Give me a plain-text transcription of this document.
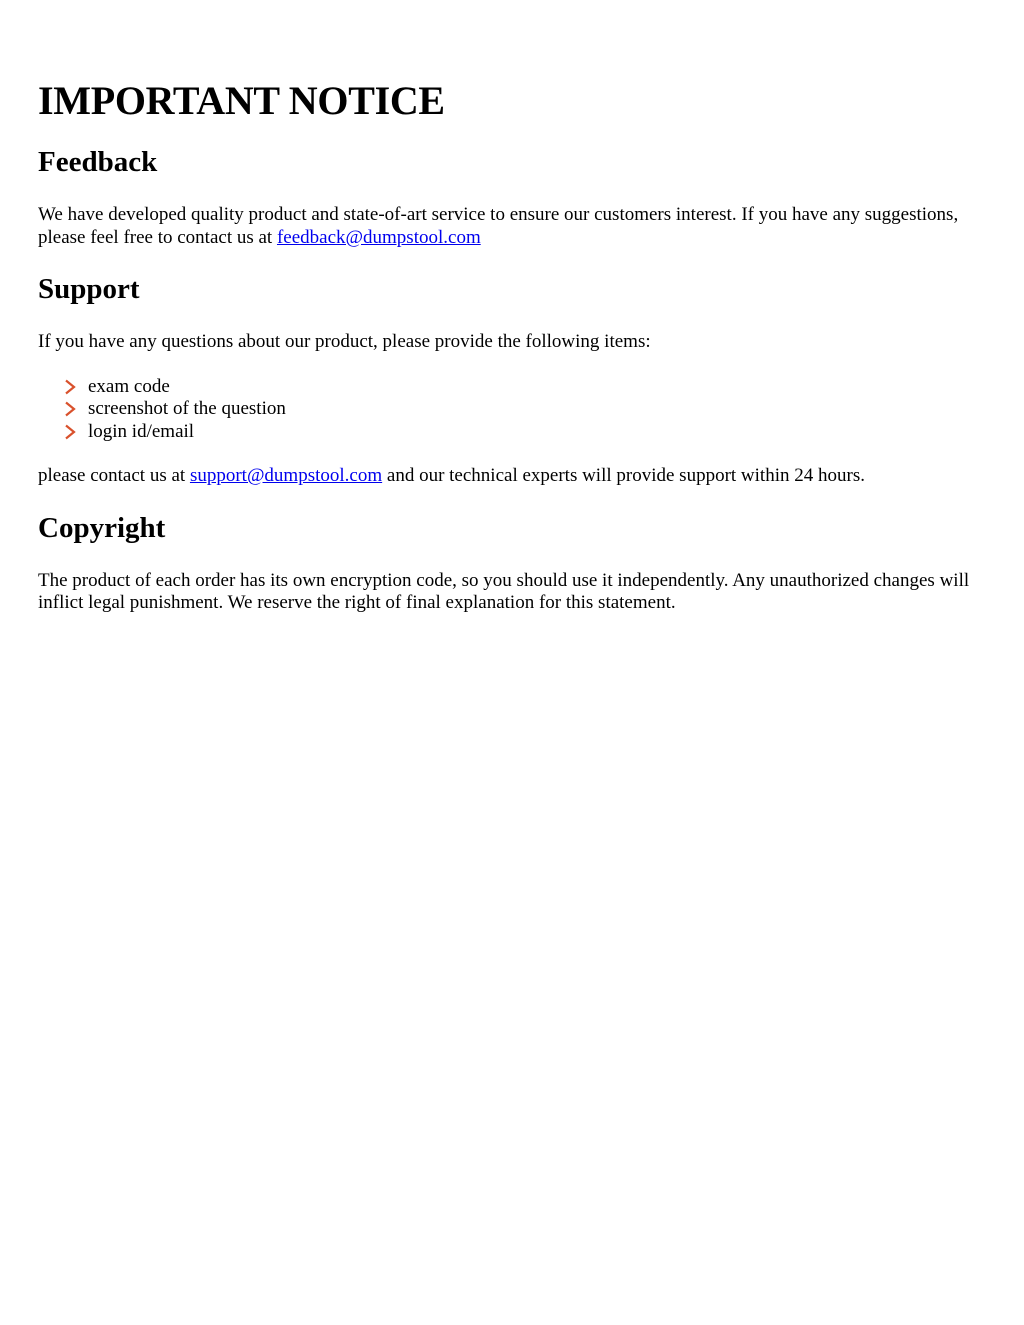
IMPORTANT NOTICE
Feedback

We have developed quality product and state-of-art service to ensure our customers interest. If you have any suggestions, please feel free to contact us at feedback@dumpstool.com

Support

If you have any questions about our product, please provide the following items:

exam code
screenshot of the question
login id/email

please contact us at support@dumpstool.com and our technical experts will provide support within 24 hours.

Copyright

The product of each order has its own encryption code, so you should use it independently. Any unauthorized changes will inflict legal punishment. We reserve the right of final explanation for this statement.
